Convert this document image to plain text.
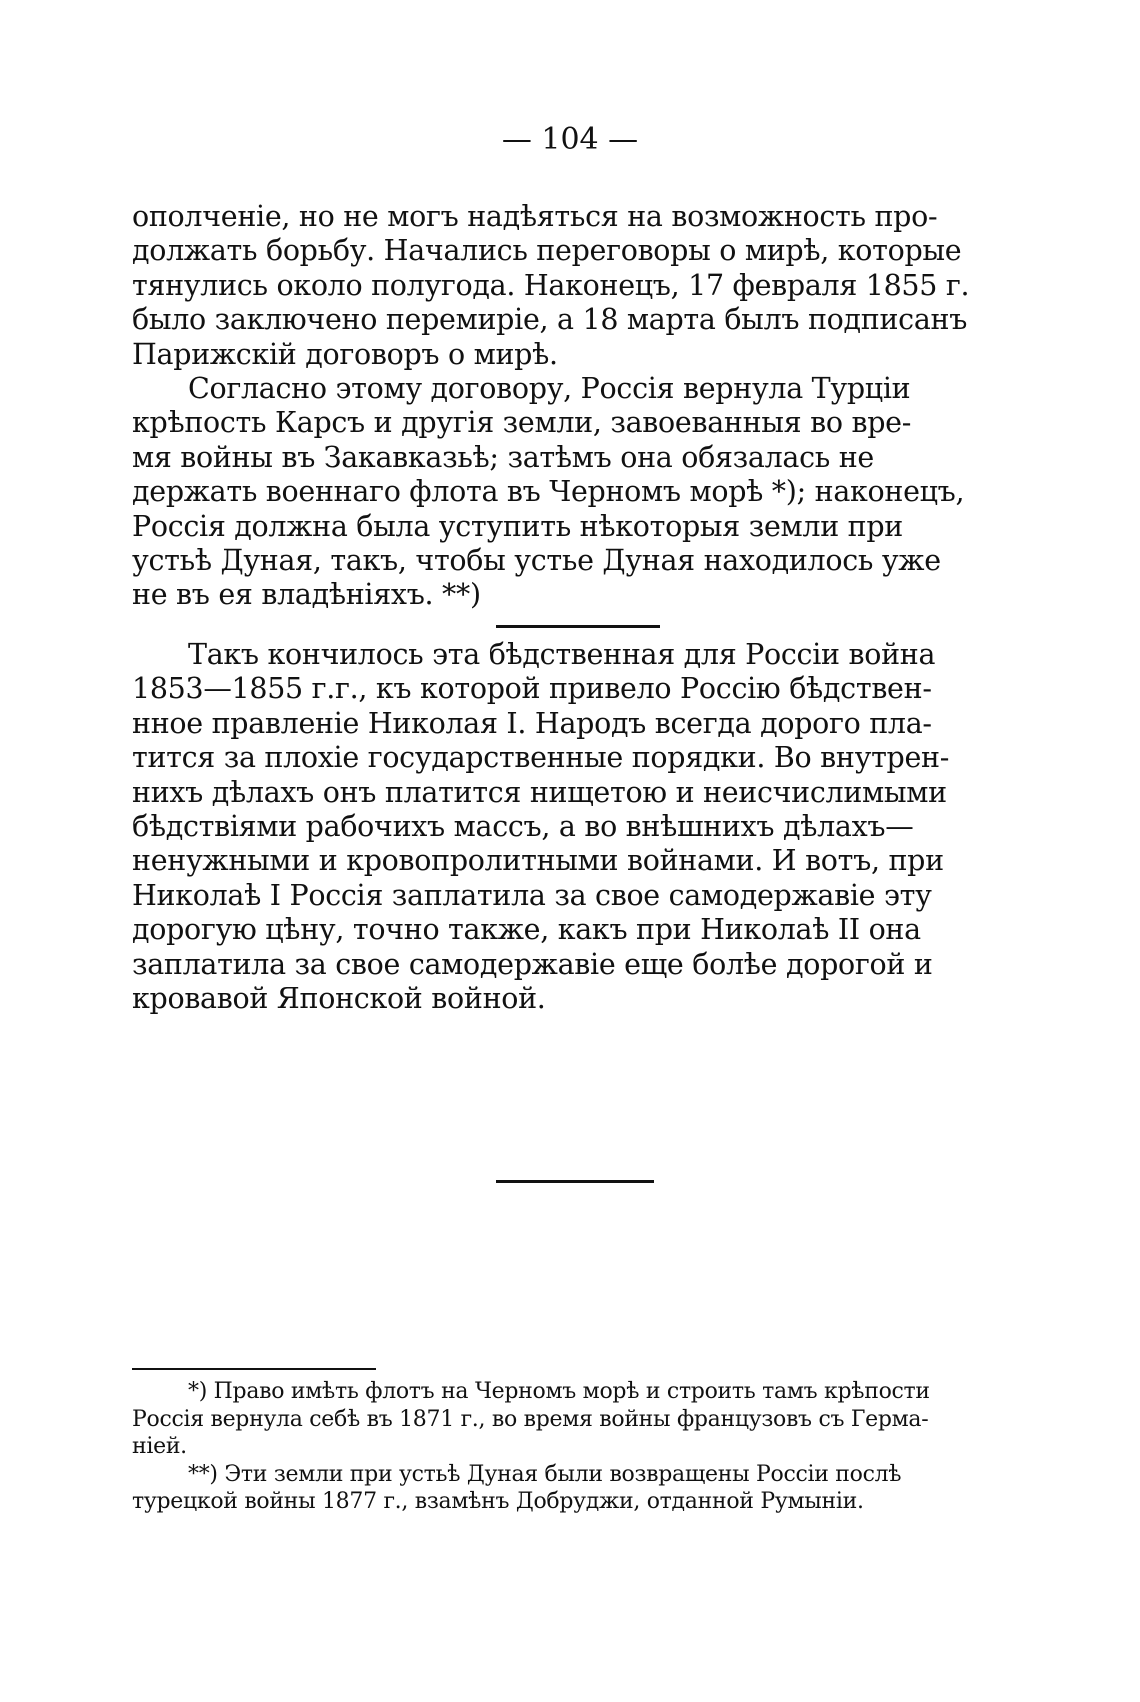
— 104 —
ополченіе, но не могъ надѣяться на возможность про-
должать борьбу. Начались переговоры о мирѣ, которые
тянулись около полугода. Наконецъ, 17 февраля 1855 г.
было заключено перемиріе, а 18 марта былъ подписанъ
Парижскій договоръ о мирѣ.
Согласно этому договору, Россія вернула Турціи
крѣпость Карсъ и другія земли, завоеванныя во вре-
мя войны въ Закавказьѣ; затѣмъ она обязалась не
держать военнаго флота въ Черномъ морѣ *); наконецъ,
Россія должна была уступить нѣкоторыя земли при
устьѣ Дуная, такъ, чтобы устье Дуная находилось уже
не въ ея владѣніяхъ. **)
Такъ кончилось эта бѣдственная для Россіи война
1853—1855 г.г., къ которой привело Россію бѣдствен-
нное правленіе Николая I. Народъ всегда дорого пла-
тится за плохіе государственные порядки. Во внутрен-
нихъ дѣлахъ онъ платится нищетою и неисчислимыми
бѣдствіями рабочихъ массъ, а во внѣшнихъ дѣлахъ—
ненужными и кровопролитными войнами. И вотъ, при
Николаѣ I Россія заплатила за свое самодержавіе эту
дорогую цѣну, точно также, какъ при Николаѣ II она
заплатила за свое самодержавіе еще болѣе дорогой и
кровавой Японской войной.
*) Право имѣть флотъ на Черномъ морѣ и строить тамъ крѣпости
Россія вернула себѣ въ 1871 г., во время войны французовъ съ Герма-
ніей.
**) Эти земли при устьѣ Дуная были возвращены Россіи послѣ
турецкой войны 1877 г., взамѣнъ Добруджи, отданной Румыніи.
